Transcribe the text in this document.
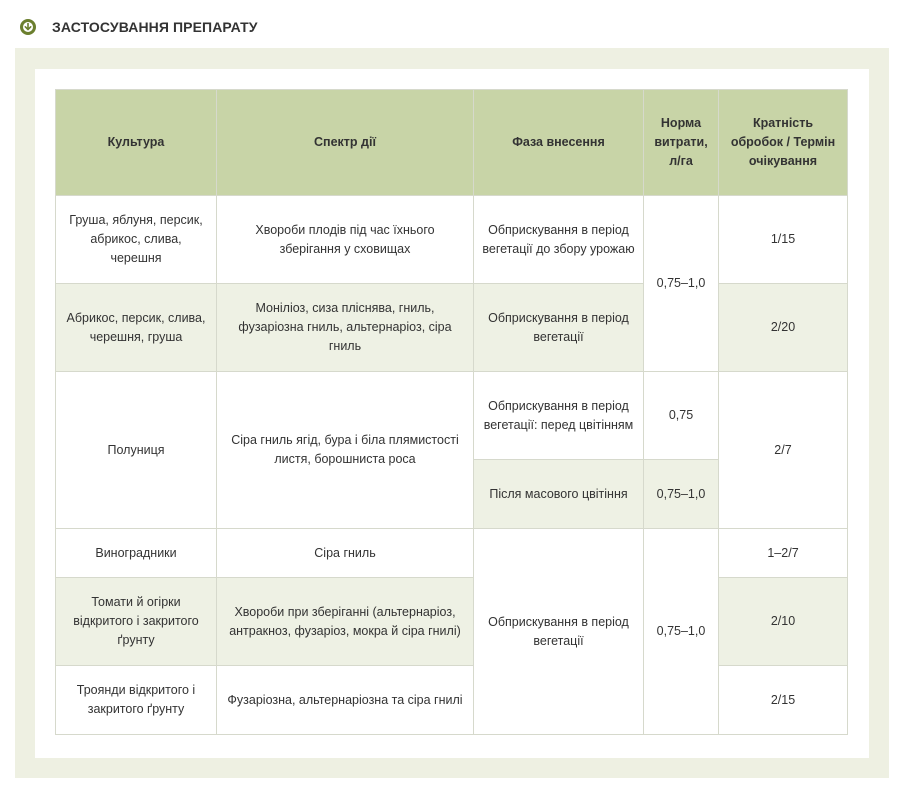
ЗАСТОСУВАННЯ ПРЕПАРАТУ
Культура	Спектр дії	Фаза внесення	Норма витрати, л/га	Кратність обробок / Термін очікування
Груша, яблуня, персик, абрикос, слива, черешня	Хвороби плодів під час їхнього зберігання у сховищах	Обприскування в період вегетації до збору урожаю	0,75–1,0	1/15
Абрикос, персик, слива, черешня, груша	Моніліоз, сиза пліснява, гниль, фузаріозна гниль, альтернаріоз, сіра гниль	Обприскування в період вегетації		2/20
Полуниця	Сіра гниль ягід, бура і біла плямистості листя, борошниста роса	Обприскування в період вегетації: перед цвітінням	0,75	2/7
		Після масового цвітіння	0,75–1,0	
Виноградники	Сіра гниль	Обприскування в період вегетації	0,75–1,0	1–2/7
Томати й огірки відкритого і закритого ґрунту	Хвороби при зберіганні (альтернаріоз, антракноз, фузаріоз, мокра й сіра гнилі)			2/10
Троянди відкритого і закритого ґрунту	Фузаріозна, альтернаріозна та сіра гнилі			2/15
